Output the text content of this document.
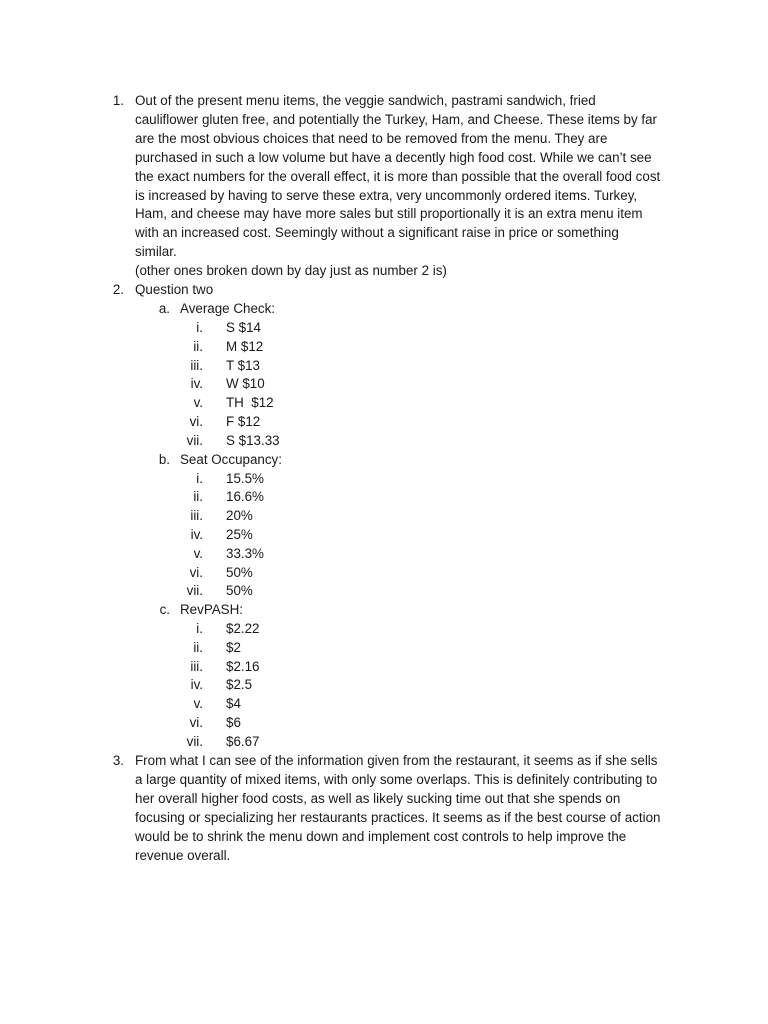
1. Out of the present menu items, the veggie sandwich, pastrami sandwich, fried
cauliflower gluten free, and potentially the Turkey, Ham, and Cheese. These items by far
are the most obvious choices that need to be removed from the menu. They are
purchased in such a low volume but have a decently high food cost. While we can’t see
the exact numbers for the overall effect, it is more than possible that the overall food cost
is increased by having to serve these extra, very uncommonly ordered items. Turkey,
Ham, and cheese may have more sales but still proportionally it is an extra menu item
with an increased cost. Seemingly without a significant raise in price or something
similar.
(other ones broken down by day just as number 2 is)
2. Question two
a. Average Check:
i. S $14
ii. M $12
iii. T $13
iv. W $10
v. TH  $12
vi. F $12
vii. S $13.33
b. Seat Occupancy:
i. 15.5%
ii. 16.6%
iii. 20%
iv. 25%
v. 33.3%
vi. 50%
vii. 50%
c. RevPASH:
i. $2.22
ii. $2
iii. $2.16
iv. $2.5
v. $4
vi. $6
vii. $6.67
3. From what I can see of the information given from the restaurant, it seems as if she sells
a large quantity of mixed items, with only some overlaps. This is definitely contributing to
her overall higher food costs, as well as likely sucking time out that she spends on
focusing or specializing her restaurants practices. It seems as if the best course of action
would be to shrink the menu down and implement cost controls to help improve the
revenue overall.
